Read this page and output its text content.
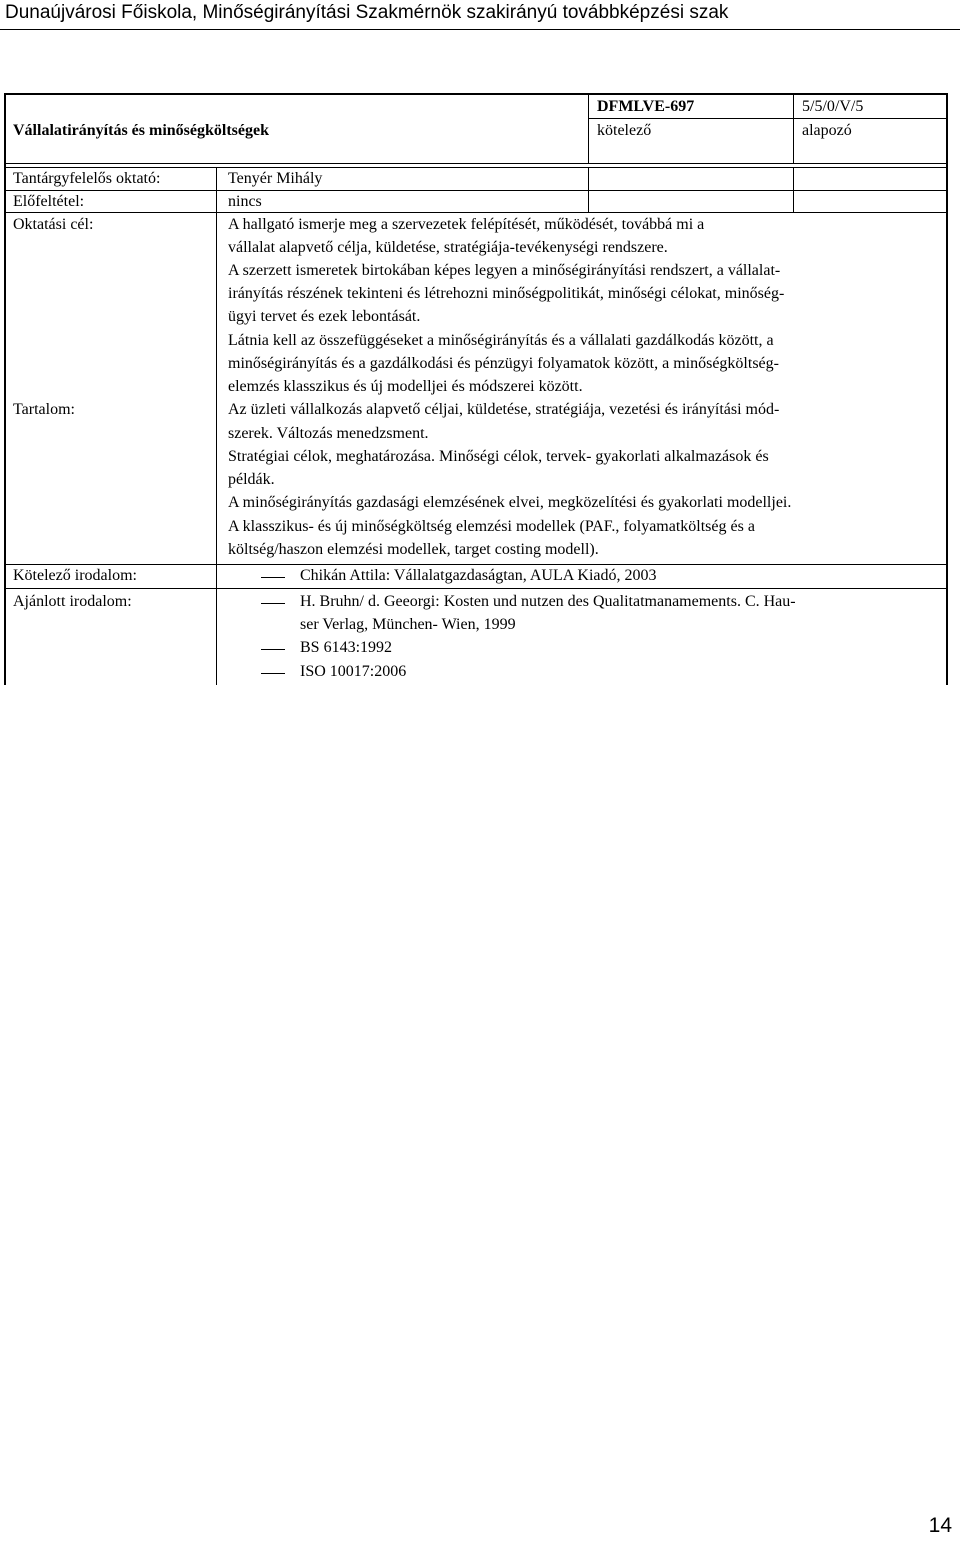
Dunaújvárosi Főiskola, Minőségirányítási Szakmérnök szakirányú továbbképzési szak
Vállalatirányítás és minőségköltségek
DFMLVE-697	5/5/0/V/5
kötelező	alapozó
Tantárgyfelelős oktató:	Tenyér Mihály
Előfeltétel:	nincs
Oktatási cél:	A hallgató ismerje meg a szervezetek felépítését, működését, továbbá mi a
vállalat alapvető célja, küldetése, stratégiája-tevékenységi rendszere.
A szerzett ismeretek birtokában képes legyen a minőségirányítási rendszert, a vállalat-
irányítás részének tekinteni és létrehozni minőségpolitikát, minőségi célokat, minőség-
ügyi tervet és ezek lebontását.
Látnia kell az összefüggéseket a minőségirányítás és a vállalati gazdálkodás között, a
minőségirányítás és a gazdálkodási és pénzügyi folyamatok között, a minőségköltség-
elemzés klasszikus és új modelljei és módszerei között.
Tartalom:	Az üzleti vállalkozás alapvető céljai, küldetése, stratégiája, vezetési és irányítási mód-
szerek. Változás menedzsment.
Stratégiai célok, meghatározása. Minőségi célok, tervek- gyakorlati alkalmazások és
példák.
A minőségirányítás gazdasági elemzésének elvei, megközelítési és gyakorlati modelljei.
A klasszikus- és új minőségköltség elemzési modellek (PAF., folyamatköltség és a
költség/haszon elemzési modellek, target costing modell).
Kötelező irodalom:	Chikán Attila: Vállalatgazdaságtan, AULA Kiadó, 2003
Ajánlott irodalom:	H. Bruhn/ d. Geeorgi: Kosten und nutzen des Qualitatmanamements. C. Hau-
ser Verlag, München- Wien, 1999
BS 6143:1992
ISO 10017:2006
14
